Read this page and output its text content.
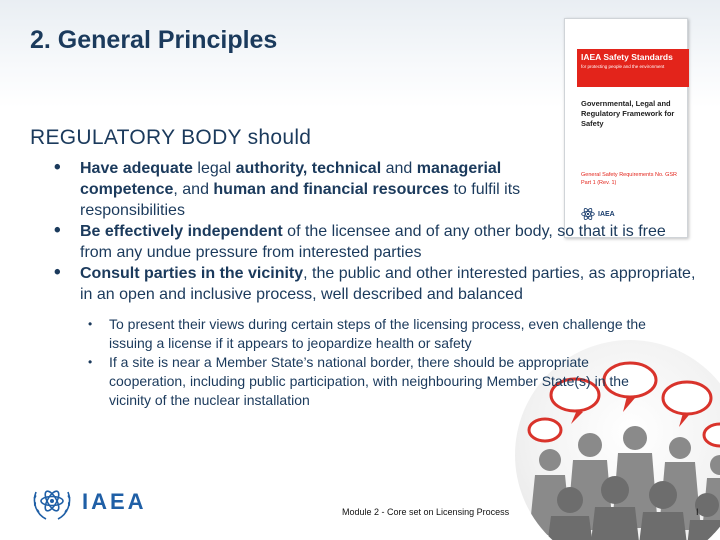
2. General Principles
IAEA Safety Standards
for protecting people and the environment
Governmental, Legal and Regulatory Framework for Safety
General Safety Requirements No. GSR Part 1 (Rev. 1)
IAEA
REGULATORY BODY should
• Have adequate legal authority, technical and managerial competence, and human and financial resources to fulfil its responsibilities
• Be effectively independent of the licensee and of any other body, so that it is free from any undue pressure from interested parties
• Consult parties in the vicinity, the public and other interested parties, as appropriate, in an open and inclusive process, well described and balanced
• To present their views during certain steps of the licensing process, even challenge the issuing a license if it appears to jeopardize health or safety
• If a site is near a Member State’s national border, there should be appropriate cooperation, including public participation, with neighbouring Member State(s) in the vicinity of the nuclear installation
IAEA	Module 2 - Core set on Licensing Process	I
